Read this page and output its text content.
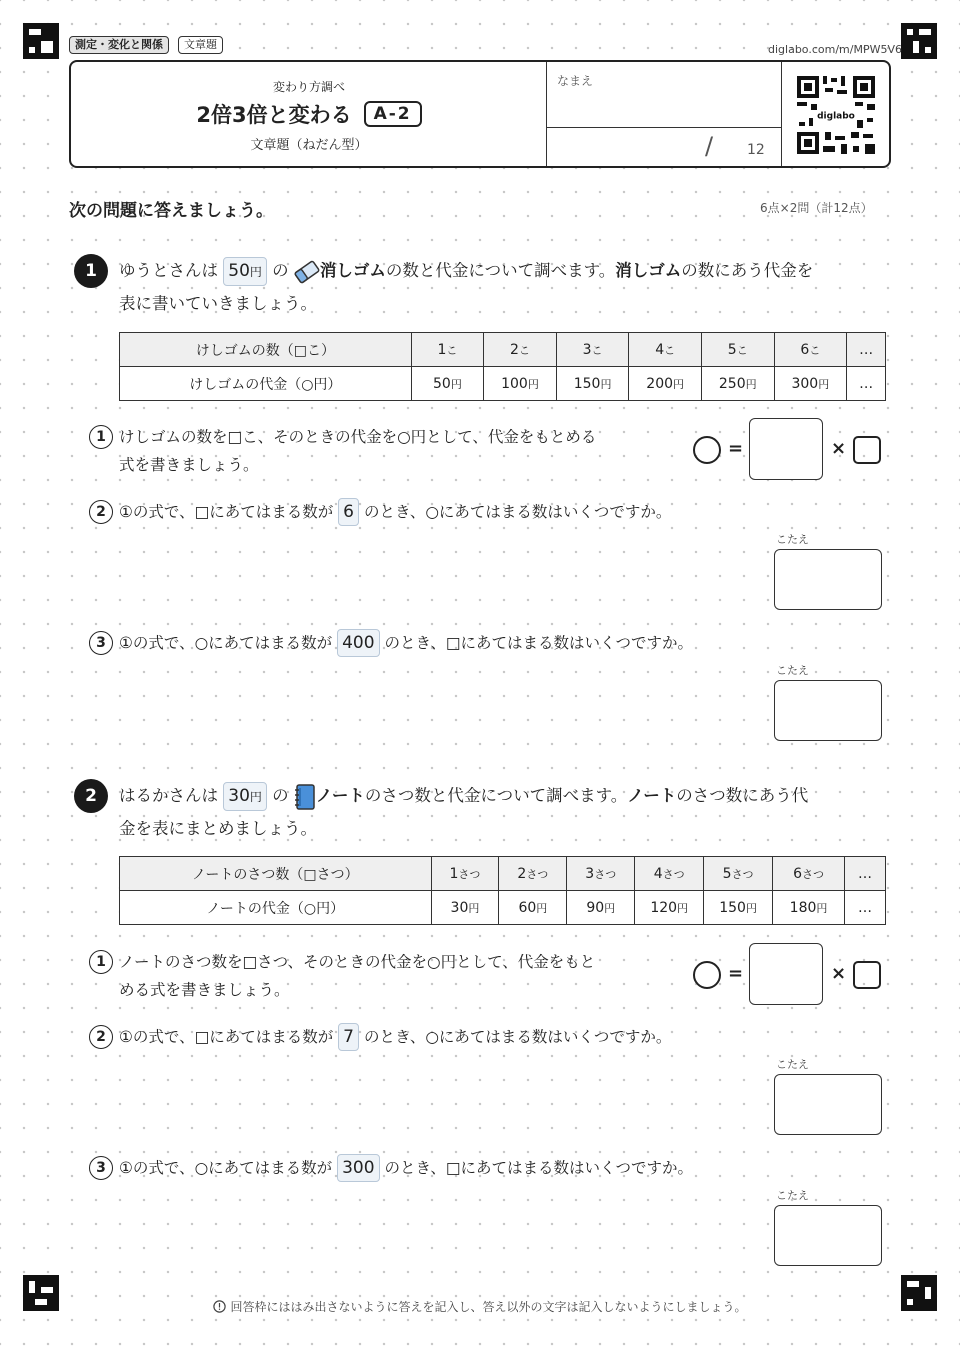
測定・変化と関係	文章題	diglabo.com/m/MPW5V6
変わり方調べ
2倍3倍と変わる	A-2
文章題（ねだん型）
なまえ
/ 12
diglabo
次の問題に答えましょう。	6点×2問（計12点）
1	ゆうとさんは 50円 の 消しゴムの数と代金について調べます。消しゴムの数にあう代金を
表に書いていきましょう。
けしゴムの数（□こ）	1こ	2こ	3こ	4こ	5こ	6こ	…
けしゴムの代金（○円）	50円	100円	150円	200円	250円	300円	…
1 けしゴムの数を□こ、そのときの代金を○円として、代金をもとめる
式を書きましょう。
=	×
2 ①の式で、□にあてはまる数が 6 のとき、○にあてはまる数はいくつですか。
こたえ
3 ①の式で、○にあてはまる数が 400 のとき、□にあてはまる数はいくつですか。
こたえ
2	はるかさんは 30円 の ノートのさつ数と代金について調べます。ノートのさつ数にあう代
金を表にまとめましょう。
ノートのさつ数（□さつ）	1さつ	2さつ	3さつ	4さつ	5さつ	6さつ	…
ノートの代金（○円）	30円	60円	90円	120円	150円	180円	…
1 ノートのさつ数を□さつ、そのときの代金を○円として、代金をもと
める式を書きましょう。
=	×
2 ①の式で、□にあてはまる数が 7 のとき、○にあてはまる数はいくつですか。
こたえ
3 ①の式で、○にあてはまる数が 300 のとき、□にあてはまる数はいくつですか。
こたえ
回答枠にははみ出さないように答えを記入し、答え以外の文字は記入しないようにしましょう。
